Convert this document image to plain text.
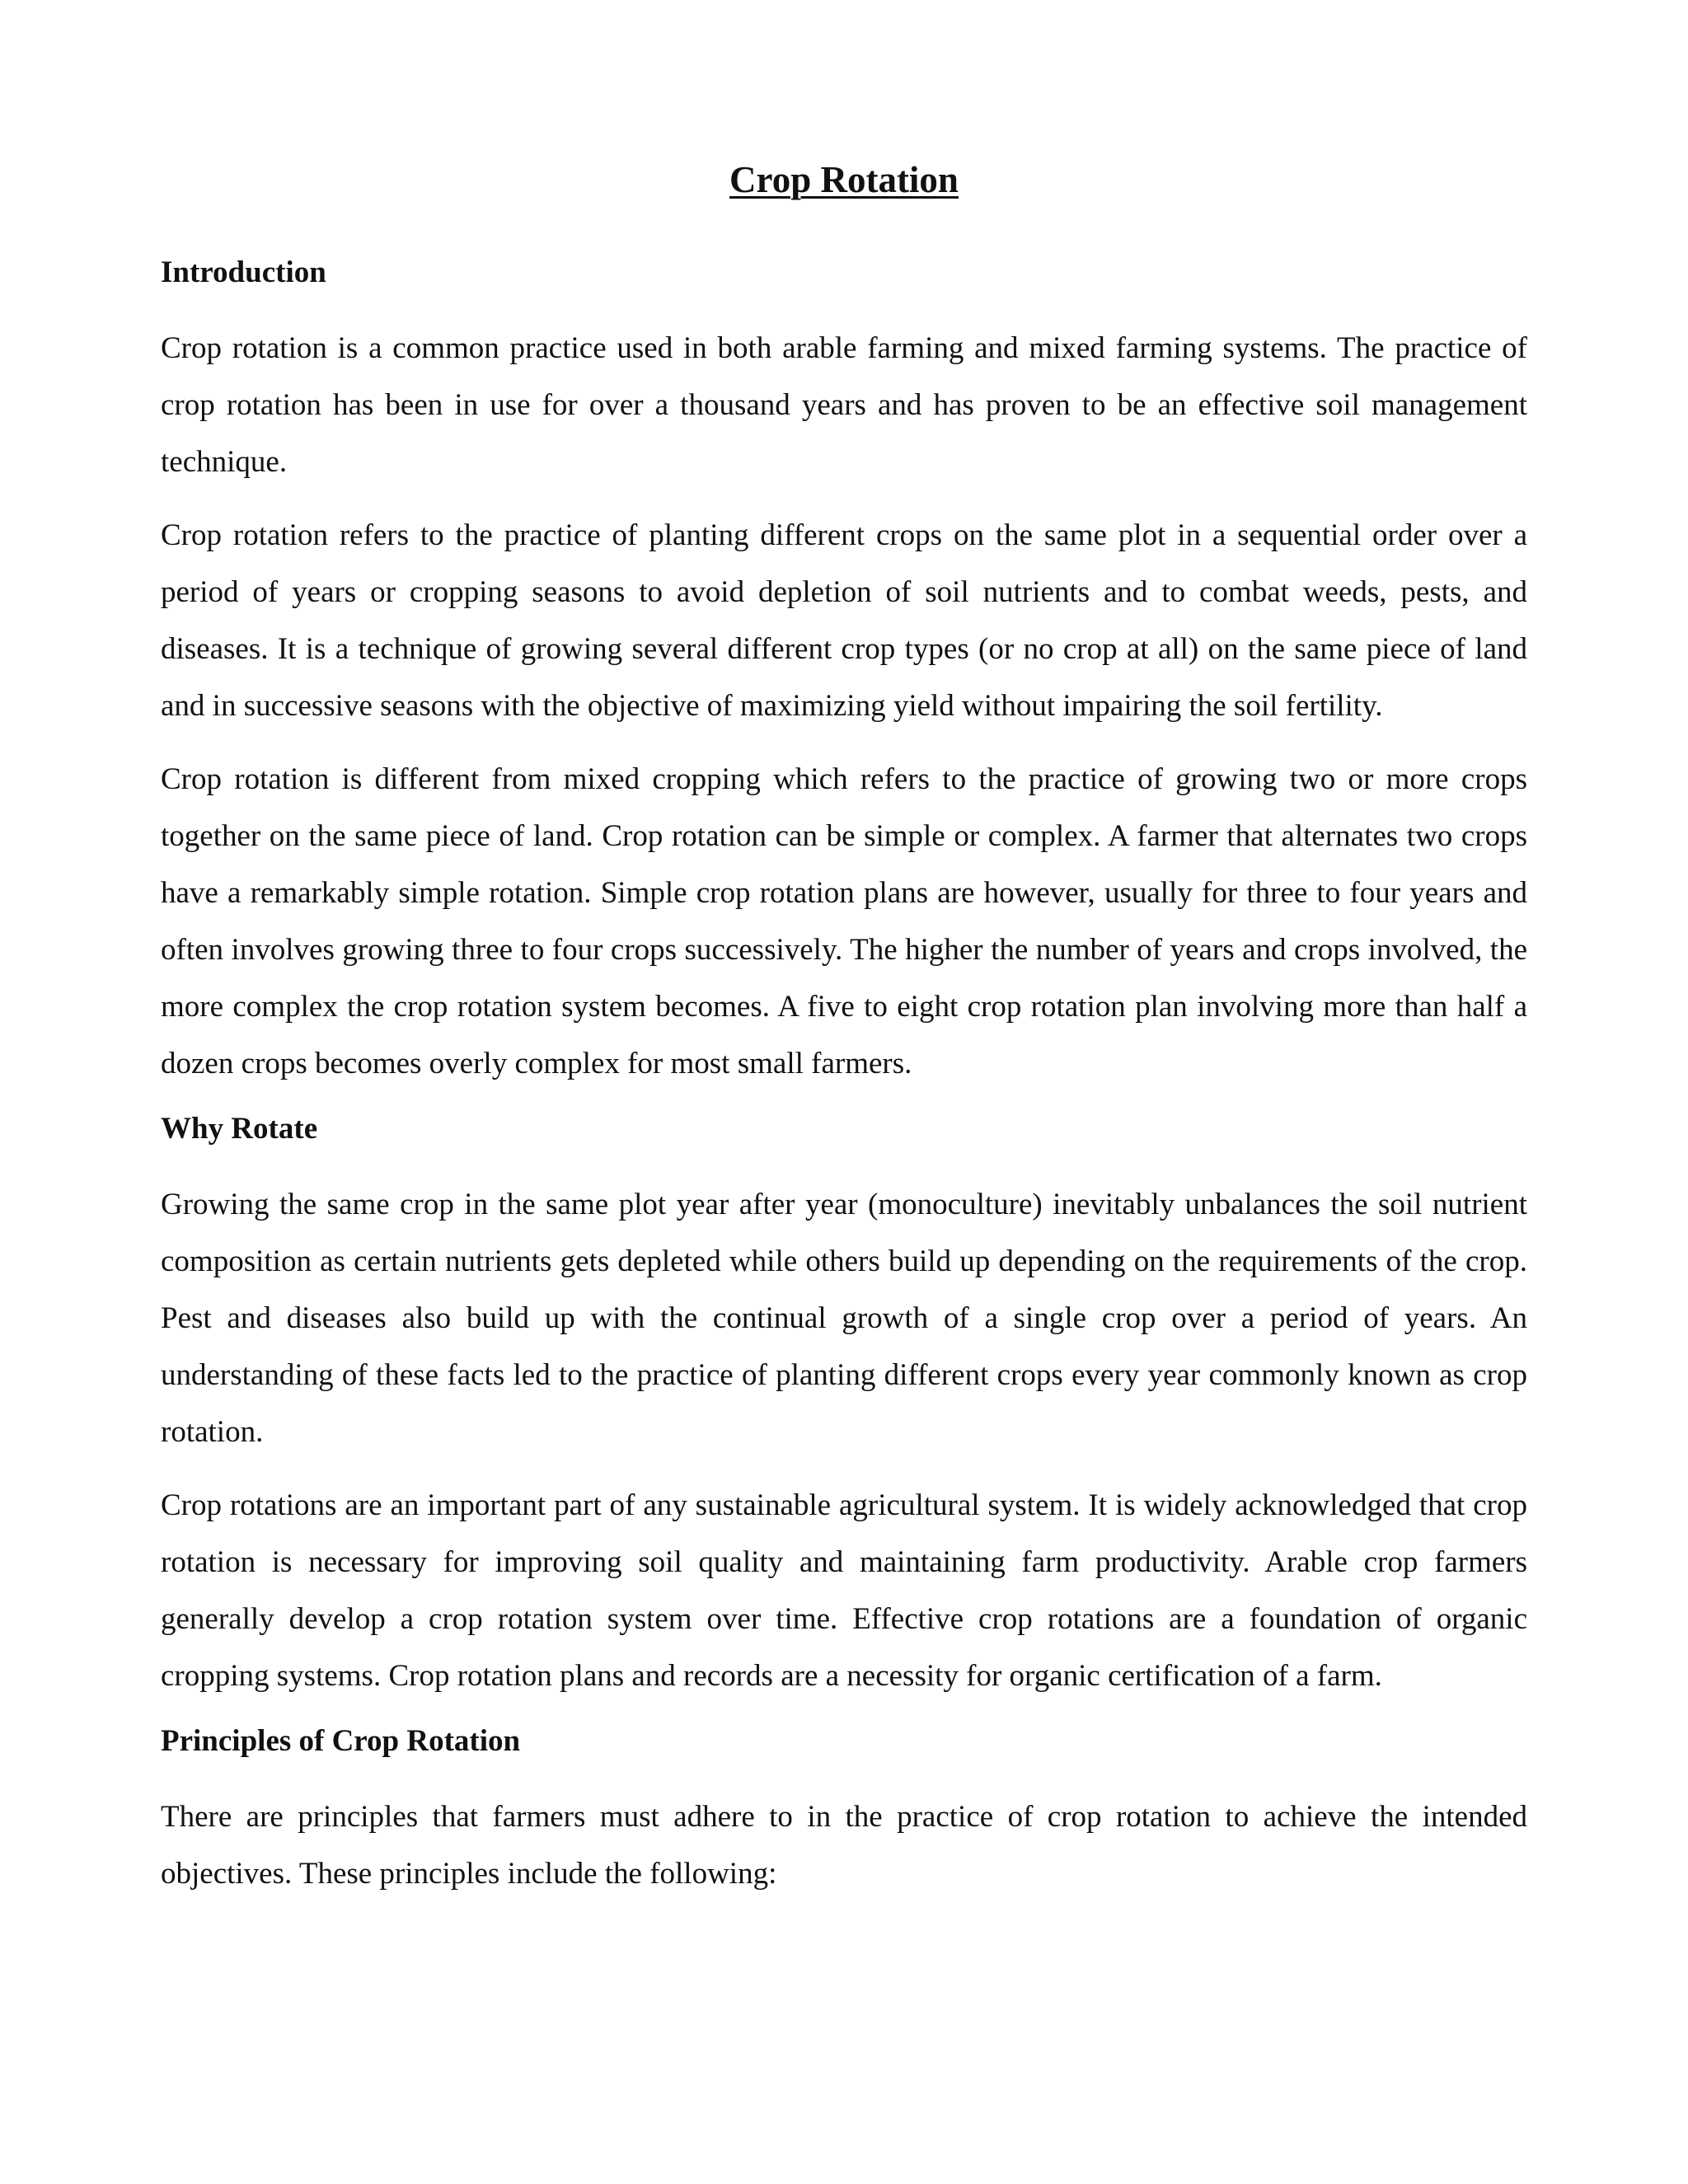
Crop Rotation
Introduction

Crop rotation is a common practice used in both arable farming and mixed farming systems. The practice of crop rotation has been in use for over a thousand years and has proven to be an effective soil management technique.

Crop rotation refers to the practice of planting different crops on the same plot in a sequential order over a period of years or cropping seasons to avoid depletion of soil nutrients and to combat weeds, pests, and diseases. It is a technique of growing several different crop types (or no crop at all) on the same piece of land and in successive seasons with the objective of maximizing yield without impairing the soil fertility.

Crop rotation is different from mixed cropping which refers to the practice of growing two or more crops together on the same piece of land. Crop rotation can be simple or complex. A farmer that alternates two crops have a remarkably simple rotation. Simple crop rotation plans are however, usually for three to four years and often involves growing three to four crops successively. The higher the number of years and crops involved, the more complex the crop rotation system becomes. A five to eight crop rotation plan involving more than half a dozen crops becomes overly complex for most small farmers.

Why Rotate

Growing the same crop in the same plot year after year (monoculture) inevitably unbalances the soil nutrient composition as certain nutrients gets depleted while others build up depending on the requirements of the crop. Pest and diseases also build up with the continual growth of a single crop over a period of years. An understanding of these facts led to the practice of planting different crops every year commonly known as crop rotation.

Crop rotations are an important part of any sustainable agricultural system. It is widely acknowledged that crop rotation is necessary for improving soil quality and maintaining farm productivity. Arable crop farmers generally develop a crop rotation system over time. Effective crop rotations are a foundation of organic cropping systems. Crop rotation plans and records are a necessity for organic certification of a farm.

Principles of Crop Rotation

There are principles that farmers must adhere to in the practice of crop rotation to achieve the intended objectives. These principles include the following:
